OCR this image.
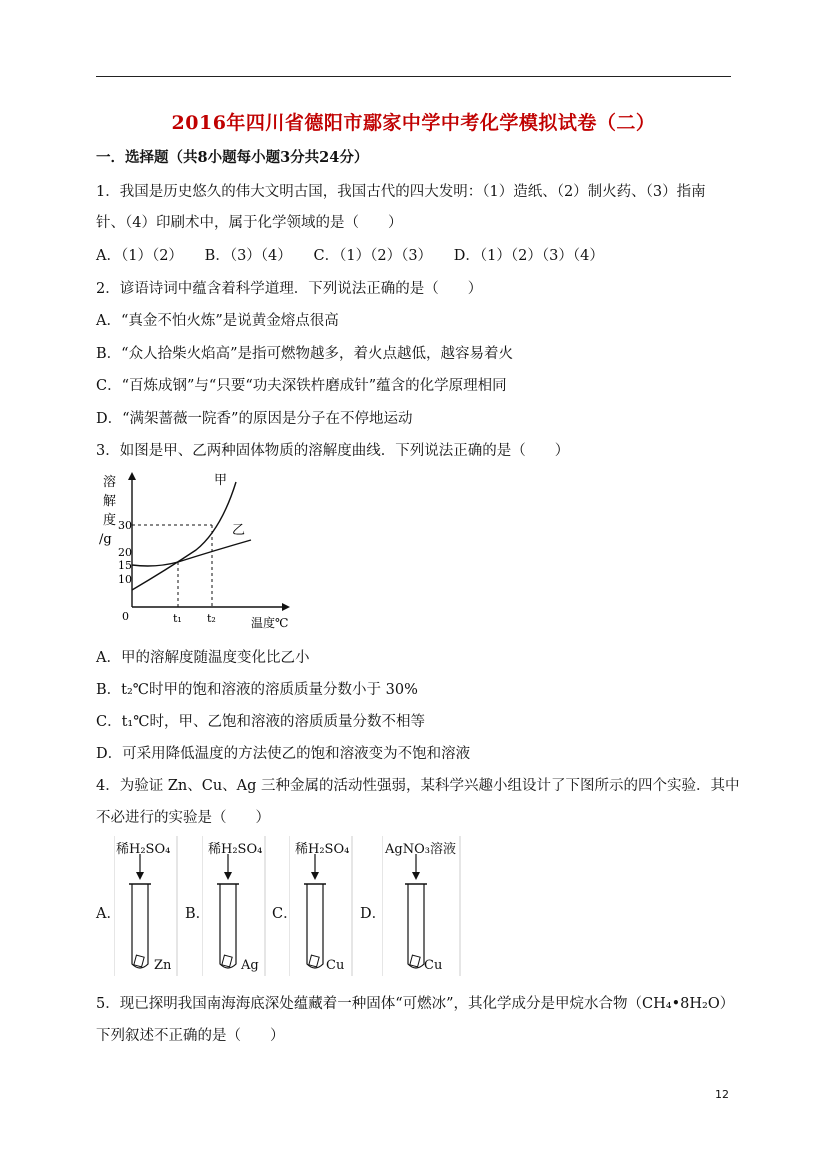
2016年四川省德阳市鄢家中学中考化学模拟试卷（二）
一．选择题（共8小题每小题3分共24分）
1．我国是历史悠久的伟大文明古国，我国古代的四大发明：（1）造纸、（2）制火药、（3）指南
针、（4）印刷术中，属于化学领域的是（　　）
A．（1）（2）　　B．（3）（4）　　C．（1）（2）（3）　　D．（1）（2）（3）（4）
2．谚语诗词中蕴含着科学道理．下列说法正确的是（　　）
A．“真金不怕火炼”是说黄金熔点很高
B．“众人拾柴火焰高”是指可燃物越多，着火点越低，越容易着火
C．“百炼成钢”与“只要“功夫深铁杵磨成针”蕴含的化学原理相同
D．“满架蔷薇一院香”的原因是分子在不停地运动
3．如图是甲、乙两种固体物质的溶解度曲线．下列说法正确的是（　　）
溶
解
度
/g
30
20
15
10
0
甲
乙
t₁ t₂	温度℃
A．甲的溶解度随温度变化比乙小
B．t₂℃时甲的饱和溶液的溶质质量分数小于 30%
C．t₁℃时，甲、乙饱和溶液的溶质质量分数不相等
D．可采用降低温度的方法使乙的饱和溶液变为不饱和溶液
4．为验证 Zn、Cu、Ag 三种金属的活动性强弱，某科学兴趣小组设计了下图所示的四个实验．其中
不必进行的实验是（　　）
A．
稀H₂SO₄
Zn
B．
稀H₂SO₄
Ag
C．
稀H₂SO₄
Cu
D．
AgNO₃溶液
Cu
5．现已探明我国南海海底深处蕴藏着一种固体“可燃冰”，其化学成分是甲烷水合物（CH₄•8H₂O）
下列叙述不正确的是（　　）
12
